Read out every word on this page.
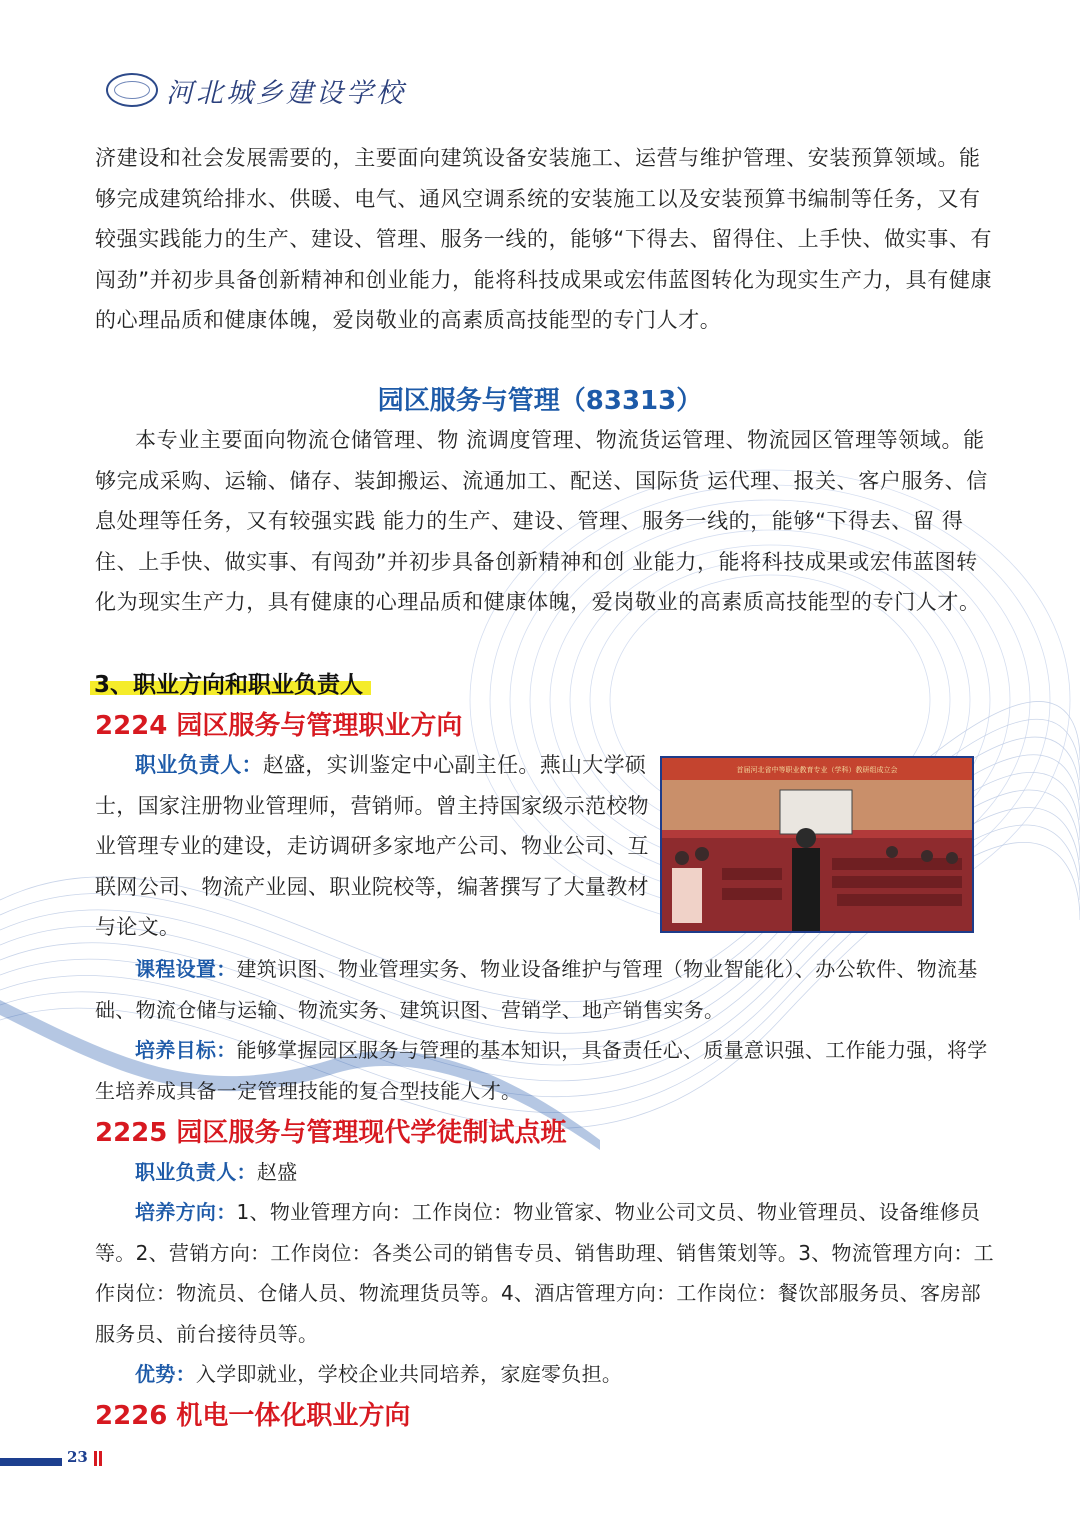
河北城乡建设学校

济建设和社会发展需要的，主要面向建筑设备安装施工、运营与维护管理、安装预算领域。能够完成建筑给排水、供暖、电气、通风空调系统的安装施工以及安装预算书编制等任务，又有较强实践能力的生产、建设、管理、服务一线的，能够“下得去、留得住、上手快、做实事、有闯劲”并初步具备创新精神和创业能力，能将科技成果或宏伟蓝图转化为现实生产力，具有健康的心理品质和健康体魄，爱岗敬业的高素质高技能型的专门人才。

园区服务与管理（83313）

本专业主要面向物流仓储管理、物 流调度管理、物流货运管理、物流园区管理等领域。能够完成采购、运输、储存、装卸搬运、流通加工、配送、国际货 运代理、报关、客户服务、信息处理等任务，又有较强实践 能力的生产、建设、管理、服务一线的，能够“下得去、留 得住、上手快、做实事、有闯劲”并初步具备创新精神和创 业能力，能将科技成果或宏伟蓝图转化为现实生产力，具有健康的心理品质和健康体魄，爱岗敬业的高素质高技能型的专门人才。

3、职业方向和职业负责人
2224 园区服务与管理职业方向

职业负责人：赵盛，实训鉴定中心副主任。燕山大学硕士，国家注册物业管理师，营销师。曾主持国家级示范校物业管理专业的建设，走访调研多家地产公司、物业公司、互联网公司、物流产业园、职业院校等，编著撰写了大量教材与论文。

首届河北省中等职业教育专业（学科）教研组成立会

课程设置：建筑识图、物业管理实务、物业设备维护与管理（物业智能化）、办公软件、物流基础、物流仓储与运输、物流实务、建筑识图、营销学、地产销售实务。

培养目标：能够掌握园区服务与管理的基本知识，具备责任心、质量意识强、工作能力强，将学生培养成具备一定管理技能的复合型技能人才。

2225 园区服务与管理现代学徒制试点班

职业负责人：赵盛

培养方向：1、物业管理方向：工作岗位：物业管家、物业公司文员、物业管理员、设备维修员等。2、营销方向：工作岗位：各类公司的销售专员、销售助理、销售策划等。3、物流管理方向：工作岗位：物流员、仓储人员、物流理货员等。4、酒店管理方向：工作岗位：餐饮部服务员、客房部服务员、前台接待员等。

优势：入学即就业，学校企业共同培养，家庭零负担。

2226 机电一体化职业方向
23
